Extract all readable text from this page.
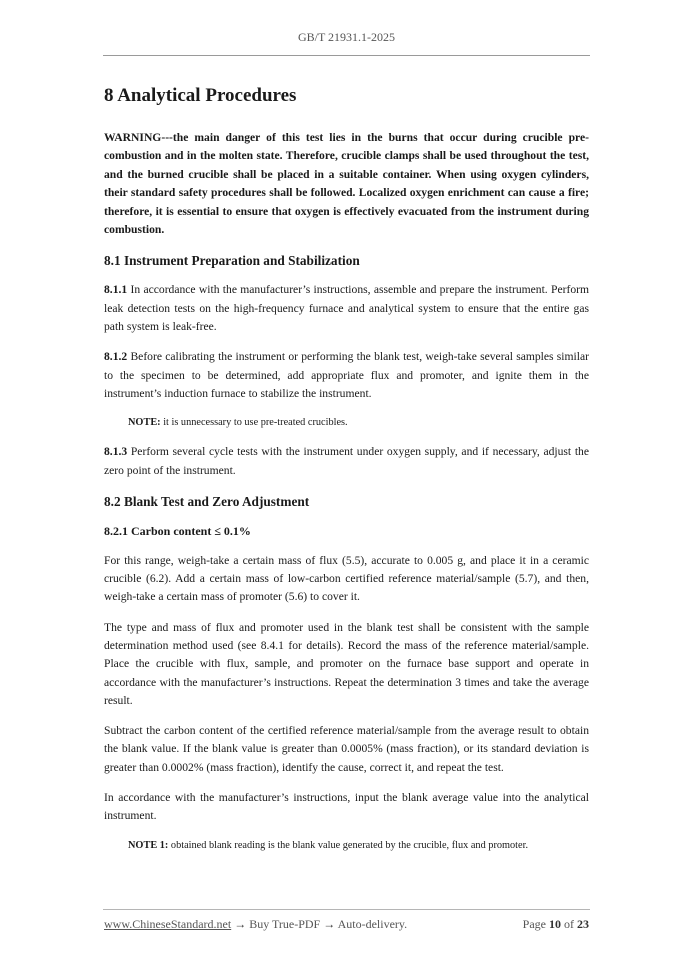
GB/T 21931.1-2025
8 Analytical Procedures

WARNING---the main danger of this test lies in the burns that occur during crucible pre-combustion and in the molten state. Therefore, crucible clamps shall be used throughout the test, and the burned crucible shall be placed in a suitable container. When using oxygen cylinders, their standard safety procedures shall be followed. Localized oxygen enrichment can cause a fire; therefore, it is essential to ensure that oxygen is effectively evacuated from the instrument during combustion.

8.1 Instrument Preparation and Stabilization

8.1.1 In accordance with the manufacturer’s instructions, assemble and prepare the instrument. Perform leak detection tests on the high-frequency furnace and analytical system to ensure that the entire gas path system is leak-free.

8.1.2 Before calibrating the instrument or performing the blank test, weigh-take several samples similar to the specimen to be determined, add appropriate flux and promoter, and ignite them in the instrument’s induction furnace to stabilize the instrument.

NOTE: it is unnecessary to use pre-treated crucibles.

8.1.3 Perform several cycle tests with the instrument under oxygen supply, and if necessary, adjust the zero point of the instrument.

8.2 Blank Test and Zero Adjustment
8.2.1 Carbon content ≤ 0.1%

For this range, weigh-take a certain mass of flux (5.5), accurate to 0.005 g, and place it in a ceramic crucible (6.2). Add a certain mass of low-carbon certified reference material/sample (5.7), and then, weigh-take a certain mass of promoter (5.6) to cover it.

The type and mass of flux and promoter used in the blank test shall be consistent with the sample determination method used (see 8.4.1 for details). Record the mass of the reference material/sample. Place the crucible with flux, sample, and promoter on the furnace base support and operate in accordance with the manufacturer’s instructions. Repeat the determination 3 times and take the average result.

Subtract the carbon content of the certified reference material/sample from the average result to obtain the blank value. If the blank value is greater than 0.0005% (mass fraction), or its standard deviation is greater than 0.0002% (mass fraction), identify the cause, correct it, and repeat the test.

In accordance with the manufacturer’s instructions, input the blank average value into the analytical instrument.

NOTE 1: obtained blank reading is the blank value generated by the crucible, flux and promoter.
www.ChineseStandard.net → Buy True-PDF → Auto-delivery.	Page 10 of 23
